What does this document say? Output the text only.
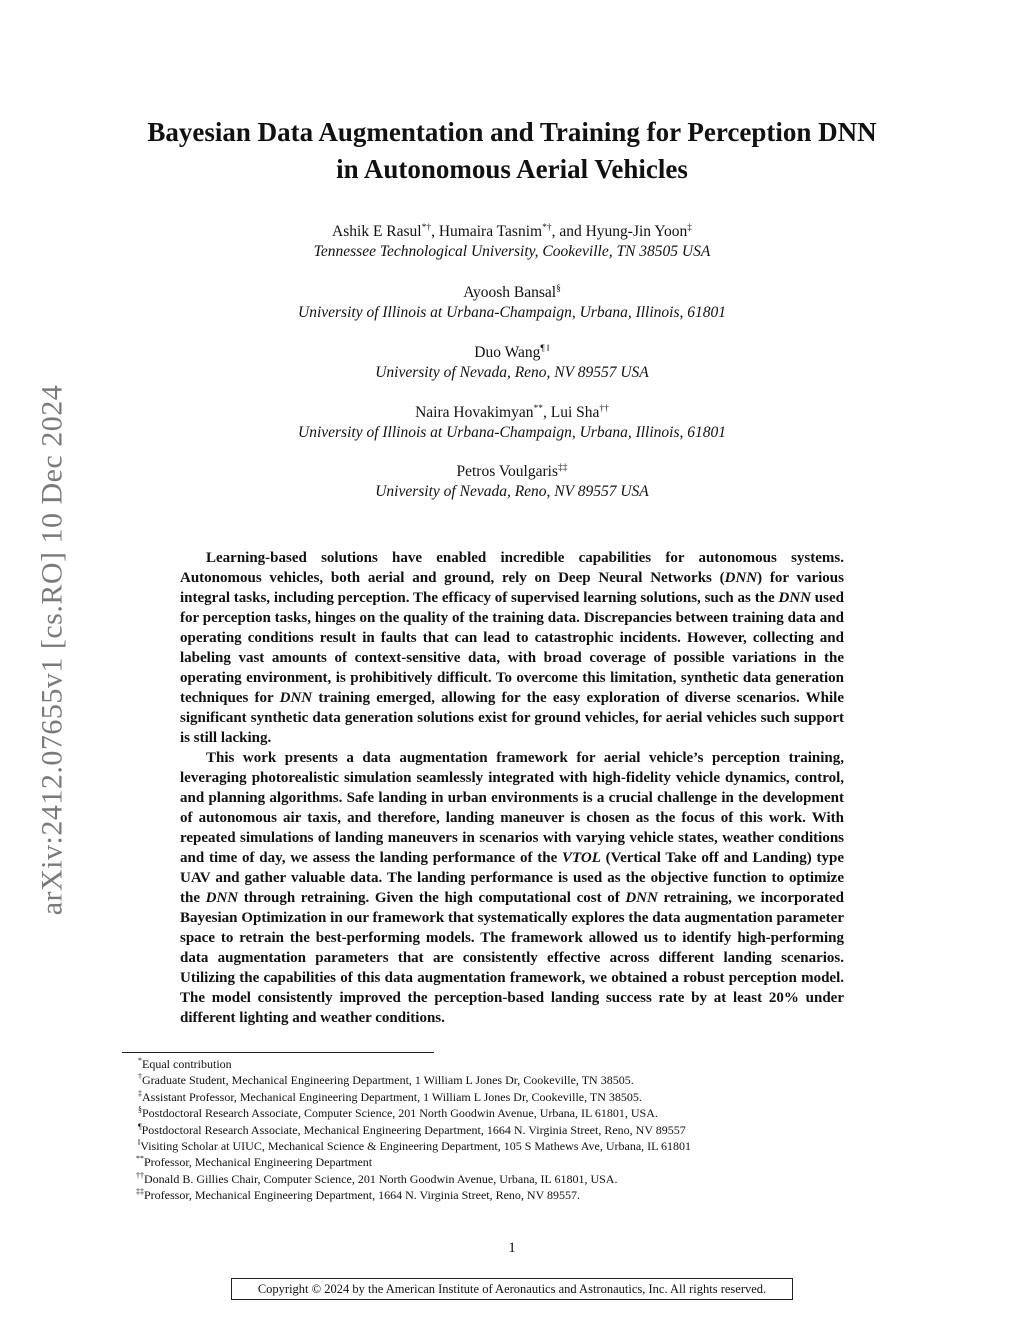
arXiv:2412.07655v1 [cs.RO] 10 Dec 2024
Bayesian Data Augmentation and Training for Perception DNN
in Autonomous Aerial Vehicles
Ashik E Rasul*†, Humaira Tasnim*†, and Hyung-Jin Yoon‡
Tennessee Technological University, Cookeville, TN 38505 USA
Ayoosh Bansal§
University of Illinois at Urbana-Champaign, Urbana, Illinois, 61801
Duo Wang¶ ‖
University of Nevada, Reno, NV 89557 USA
Naira Hovakimyan**, Lui Sha††
University of Illinois at Urbana-Champaign, Urbana, Illinois, 61801
Petros Voulgaris‡‡
University of Nevada, Reno, NV 89557 USA

Learning-based solutions have enabled incredible capabilities for autonomous systems. Autonomous vehicles, both aerial and ground, rely on Deep Neural Networks (DNN) for various integral tasks, including perception. The efficacy of supervised learning solutions, such as the DNN used for perception tasks, hinges on the quality of the training data. Discrepancies between training data and operating conditions result in faults that can lead to catastrophic incidents. However, collecting and labeling vast amounts of context-sensitive data, with broad coverage of possible variations in the operating environment, is prohibitively difficult. To overcome this limitation, synthetic data generation techniques for DNN training emerged, allowing for the easy exploration of diverse scenarios. While significant synthetic data generation solutions exist for ground vehicles, for aerial vehicles such support is still lacking.

This work presents a data augmentation framework for aerial vehicle’s perception training, leveraging photorealistic simulation seamlessly integrated with high-fidelity vehicle dynamics, control, and planning algorithms. Safe landing in urban environments is a crucial challenge in the development of autonomous air taxis, and therefore, landing maneuver is chosen as the focus of this work. With repeated simulations of landing maneuvers in scenarios with varying vehicle states, weather conditions and time of day, we assess the landing performance of the VTOL (Vertical Take off and Landing) type UAV and gather valuable data. The landing performance is used as the objective function to optimize the DNN through retraining. Given the high computational cost of DNN retraining, we incorporated Bayesian Optimization in our framework that systematically explores the data augmentation parameter space to retrain the best-performing models. The framework allowed us to identify high-performing data augmentation parameters that are consistently effective across different landing scenarios. Utilizing the capabilities of this data augmentation framework, we obtained a robust perception model. The model consistently improved the perception-based landing success rate by at least 20% under different lighting and weather conditions.

*Equal contribution
†Graduate Student, Mechanical Engineering Department, 1 William L Jones Dr, Cookeville, TN 38505.
‡Assistant Professor, Mechanical Engineering Department, 1 William L Jones Dr, Cookeville, TN 38505.
§Postdoctoral Research Associate, Computer Science, 201 North Goodwin Avenue, Urbana, IL 61801, USA.
¶Postdoctoral Research Associate, Mechanical Engineering Department, 1664 N. Virginia Street, Reno, NV 89557
‖Visiting Scholar at UIUC, Mechanical Science & Engineering Department, 105 S Mathews Ave, Urbana, IL 61801
**Professor, Mechanical Engineering Department
††Donald B. Gillies Chair, Computer Science, 201 North Goodwin Avenue, Urbana, IL 61801, USA.
‡‡Professor, Mechanical Engineering Department, 1664 N. Virginia Street, Reno, NV 89557.
1
Copyright © 2024 by the American Institute of Aeronautics and Astronautics, Inc. All rights reserved.
